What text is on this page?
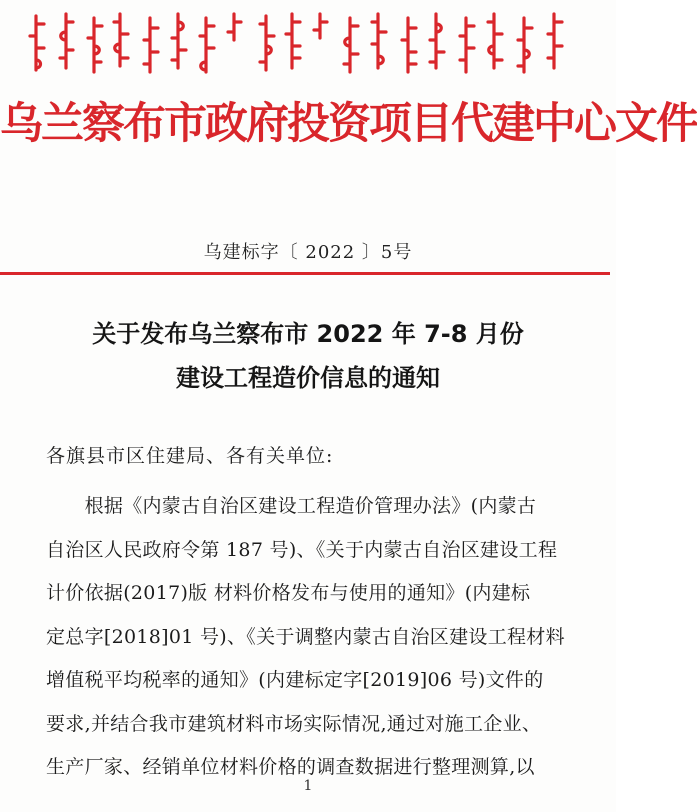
乌兰察布市政府投资项目代建中心文件
乌建标字〔 2022 〕5号
关于发布乌兰察布市 2022 年 7-8 月份
建设工程造价信息的通知
各旗县市区住建局、各有关单位:
　　根据《内蒙古自治区建设工程造价管理办法》(内蒙古
自治区人民政府令第 187 号)、《关于内蒙古自治区建设工程
计价依据(2017)版 材料价格发布与使用的通知》(内建标
定总字[2018]01 号)、《关于调整内蒙古自治区建设工程材料
增值税平均税率的通知》(内建标定字[2019]06 号)文件的
要求,并结合我市建筑材料市场实际情况,通过对施工企业、
生产厂家、经销单位材料价格的调查数据进行整理测算,以
1
